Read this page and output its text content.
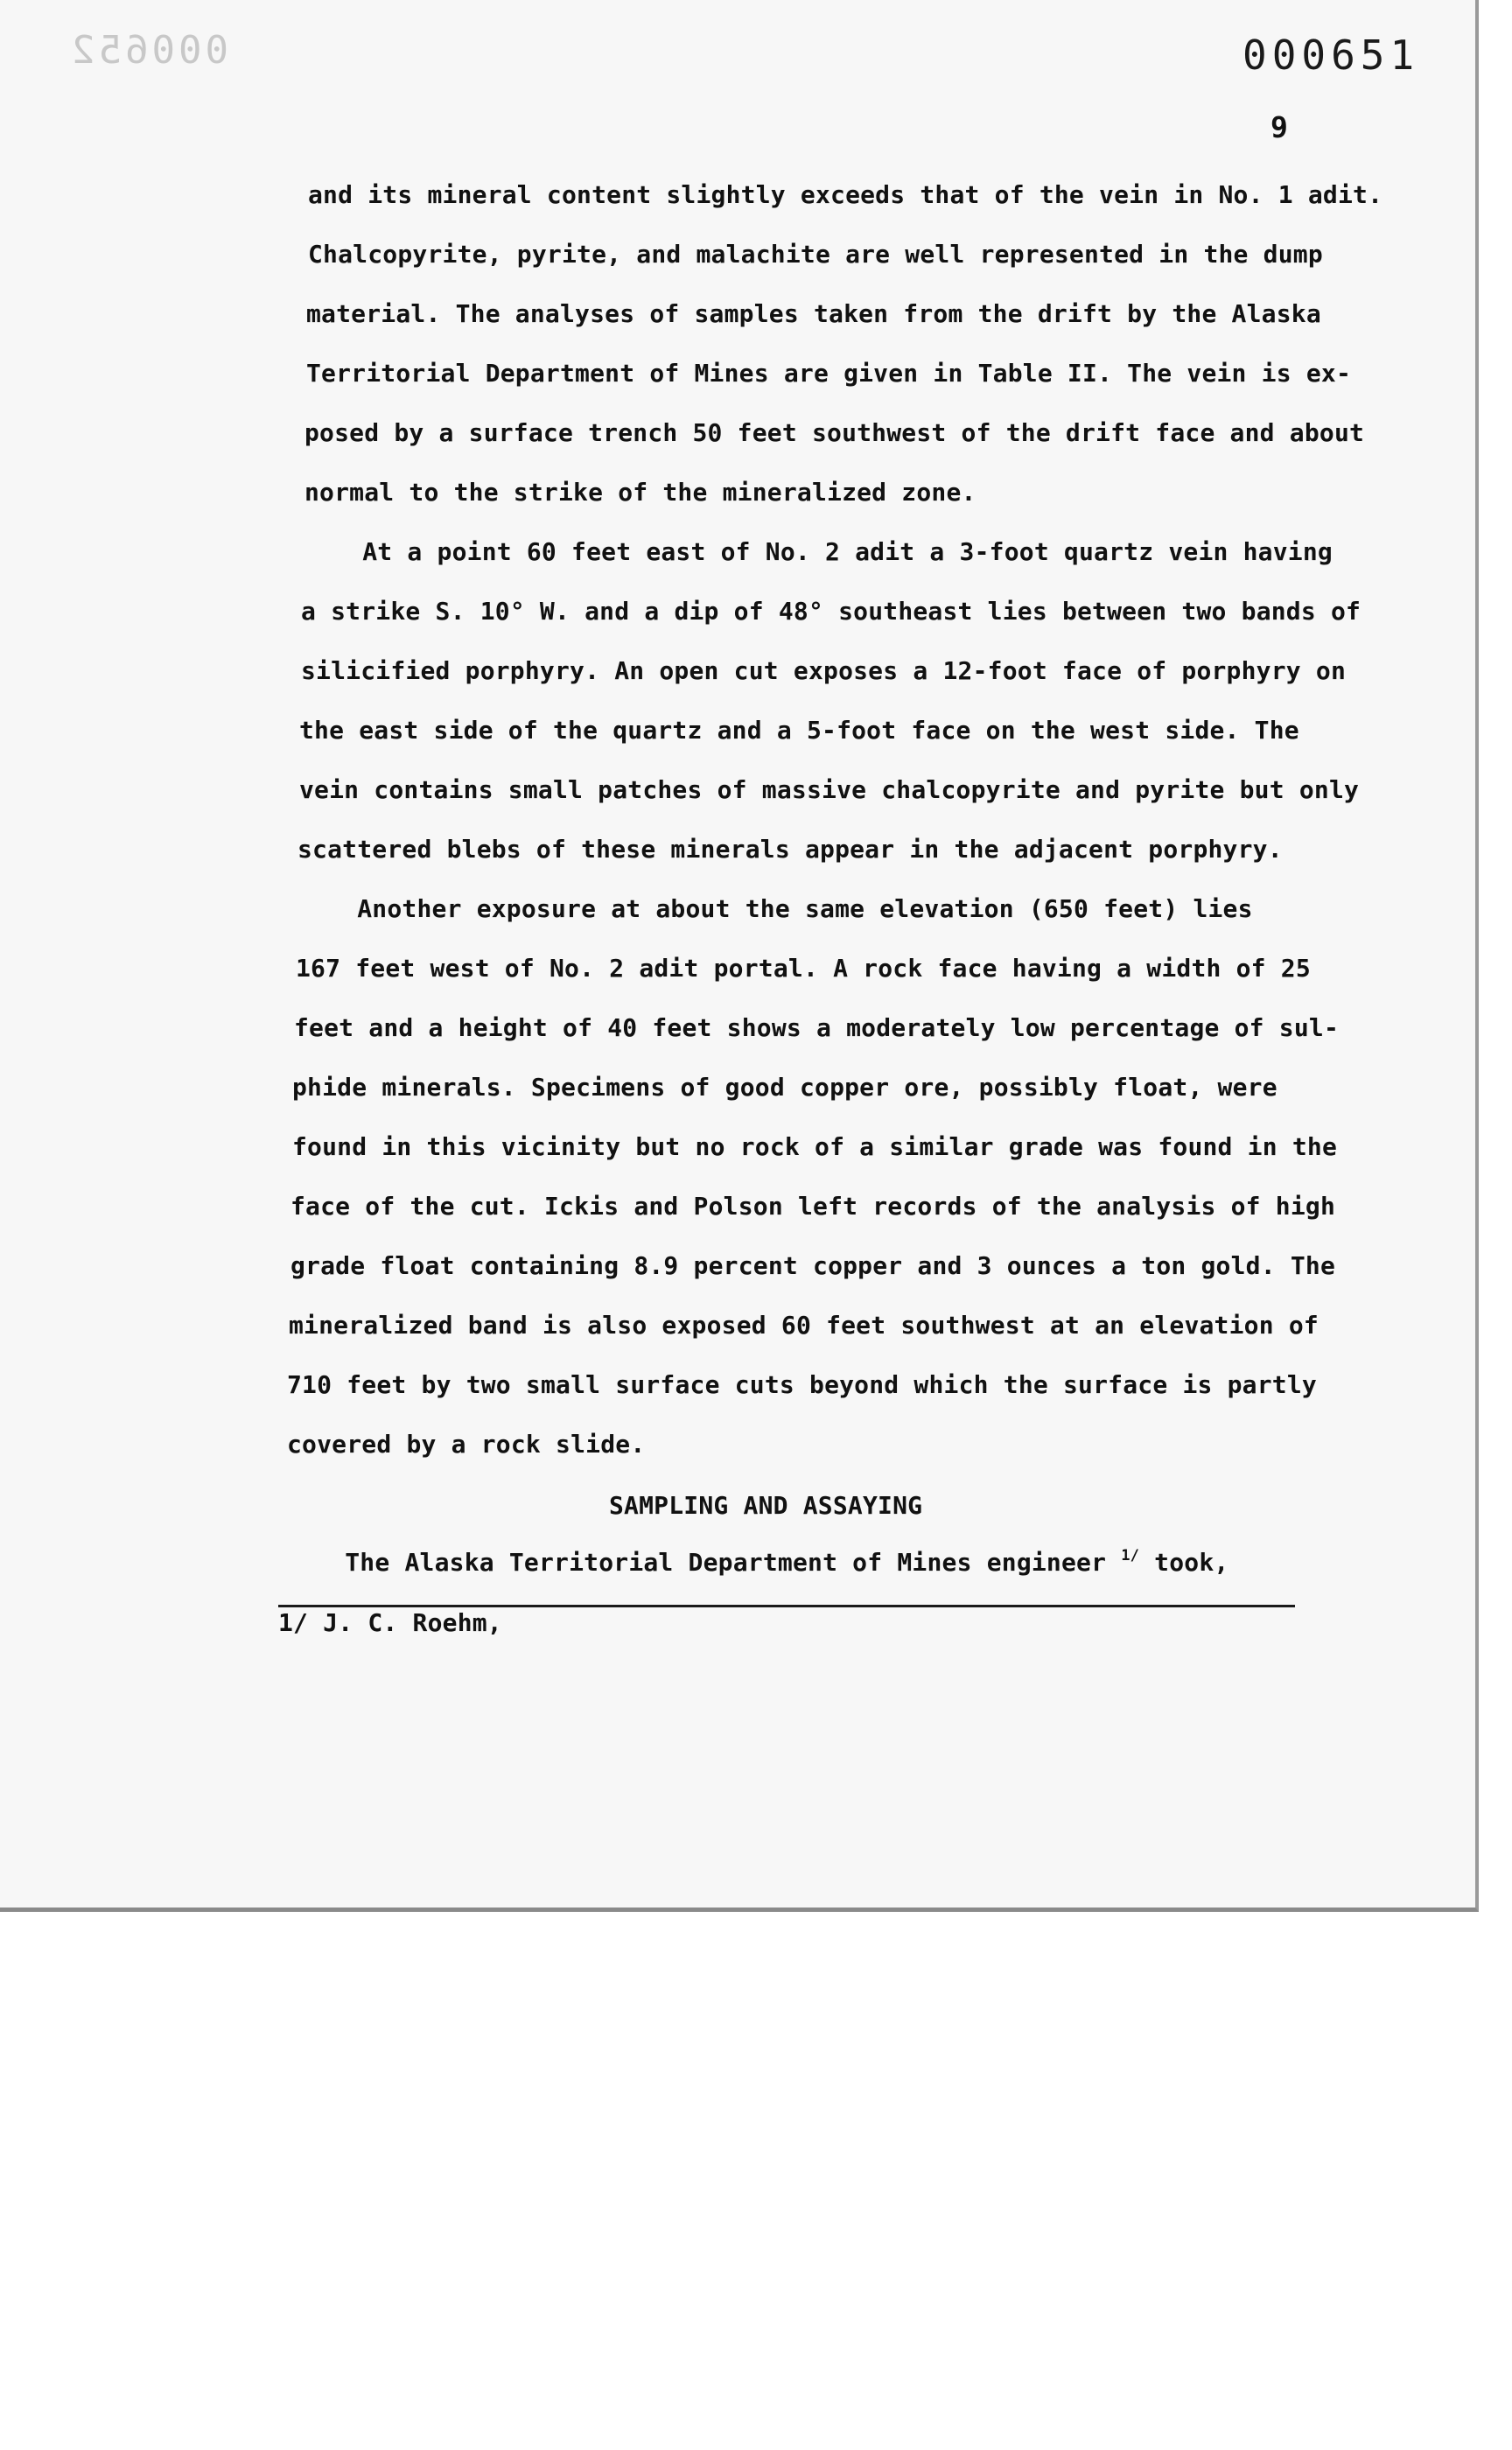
000652	000651
9
and its mineral content slightly exceeds that of the vein in No. 1 adit.
Chalcopyrite, pyrite, and malachite are well represented in the dump
material. The analyses of samples taken from the drift by the Alaska
Territorial Department of Mines are given in Table II. The vein is ex-
posed by a surface trench 50 feet southwest of the drift face and about
normal to the strike of the mineralized zone.
At a point 60 feet east of No. 2 adit a 3-foot quartz vein having
a strike S. 10° W. and a dip of 48° southeast lies between two bands of
silicified porphyry. An open cut exposes a 12-foot face of porphyry on
the east side of the quartz and a 5-foot face on the west side. The
vein contains small patches of massive chalcopyrite and pyrite but only
scattered blebs of these minerals appear in the adjacent porphyry.
Another exposure at about the same elevation (650 feet) lies
167 feet west of No. 2 adit portal. A rock face having a width of 25
feet and a height of 40 feet shows a moderately low percentage of sul-
phide minerals. Specimens of good copper ore, possibly float, were
found in this vicinity but no rock of a similar grade was found in the
face of the cut. Ickis and Polson left records of the analysis of high
grade float containing 8.9 percent copper and 3 ounces a ton gold. The
mineralized band is also exposed 60 feet southwest at an elevation of
710 feet by two small surface cuts beyond which the surface is partly
covered by a rock slide.
SAMPLING AND ASSAYING
The Alaska Territorial Department of Mines engineer $^{1/}$ took,
1/ J. C. Roehm,
